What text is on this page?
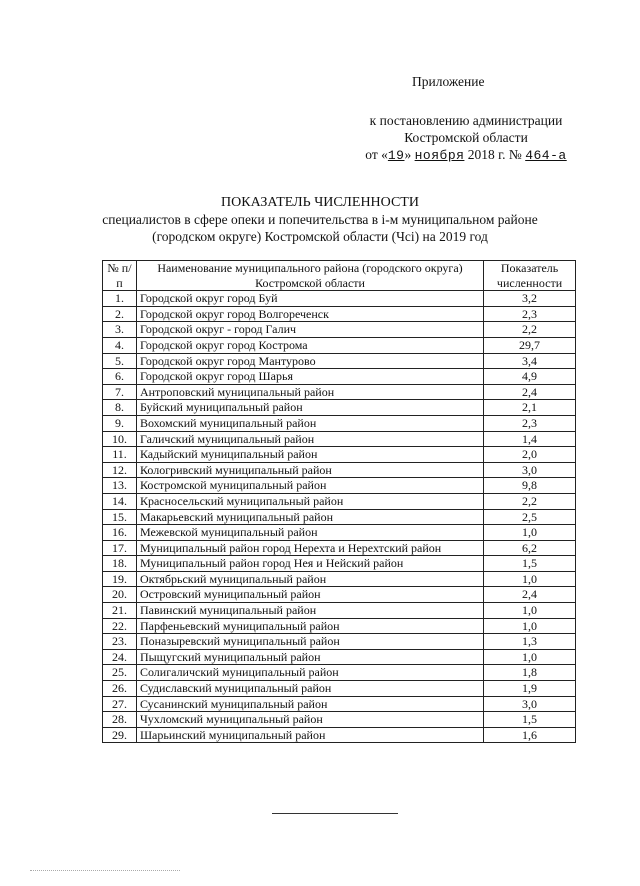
Приложение
к постановлению администрации
Костромской области
от «19» ноября 2018 г. № 464-а
ПОКАЗАТЕЛЬ ЧИСЛЕННОСТИ
специалистов в сфере опеки и попечительства в i-м муниципальном районе
(городском округе) Костромской области (Чсi) на 2019 год
№ п/п	Наименование муниципального района (городского округа) Костромской области	Показатель численности
1.	Городской округ город Буй	3,2
2.	Городской округ город Волгореченск	2,3
3.	Городской округ - город Галич	2,2
4.	Городской округ город Кострома	29,7
5.	Городской округ город Мантурово	3,4
6.	Городской округ город Шарья	4,9
7.	Антроповский муниципальный район	2,4
8.	Буйский муниципальный район	2,1
9.	Вохомский муниципальный район	2,3
10.	Галичский муниципальный район	1,4
11.	Кадыйский муниципальный район	2,0
12.	Кологривский муниципальный район	3,0
13.	Костромской муниципальный район	9,8
14.	Красносельский муниципальный район	2,2
15.	Макарьевский муниципальный район	2,5
16.	Межевской муниципальный район	1,0
17.	Муниципальный район город Нерехта и Нерехтский район	6,2
18.	Муниципальный район город Нея и Нейский район	1,5
19.	Октябрьский муниципальный район	1,0
20.	Островский муниципальный район	2,4
21.	Павинский муниципальный район	1,0
22.	Парфеньевский муниципальный район	1,0
23.	Поназыревский муниципальный район	1,3
24.	Пыщугский муниципальный район	1,0
25.	Солигаличский муниципальный район	1,8
26.	Судиславский муниципальный район	1,9
27.	Сусанинский муниципальный район	3,0
28.	Чухломский муниципальный район	1,5
29.	Шарьинский муниципальный район	1,6
